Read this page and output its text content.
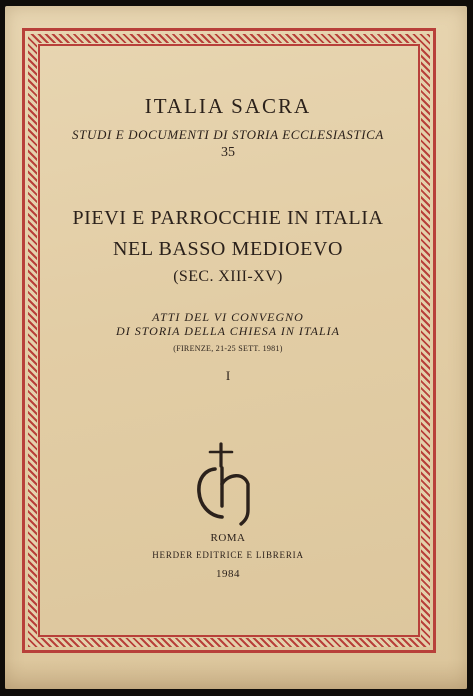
ITALIA SACRA
STUDI E DOCUMENTI DI STORIA ECCLESIASTICA
35
PIEVI E PARROCCHIE IN ITALIA
NEL BASSO MEDIOEVO
(SEC. XIII-XV)
ATTI DEL VI CONVEGNO
DI STORIA DELLA CHIESA IN ITALIA
(FIRENZE, 21-25 SETT. 1981)
I
ROMA
HERDER EDITRICE E LIBRERIA
1984
